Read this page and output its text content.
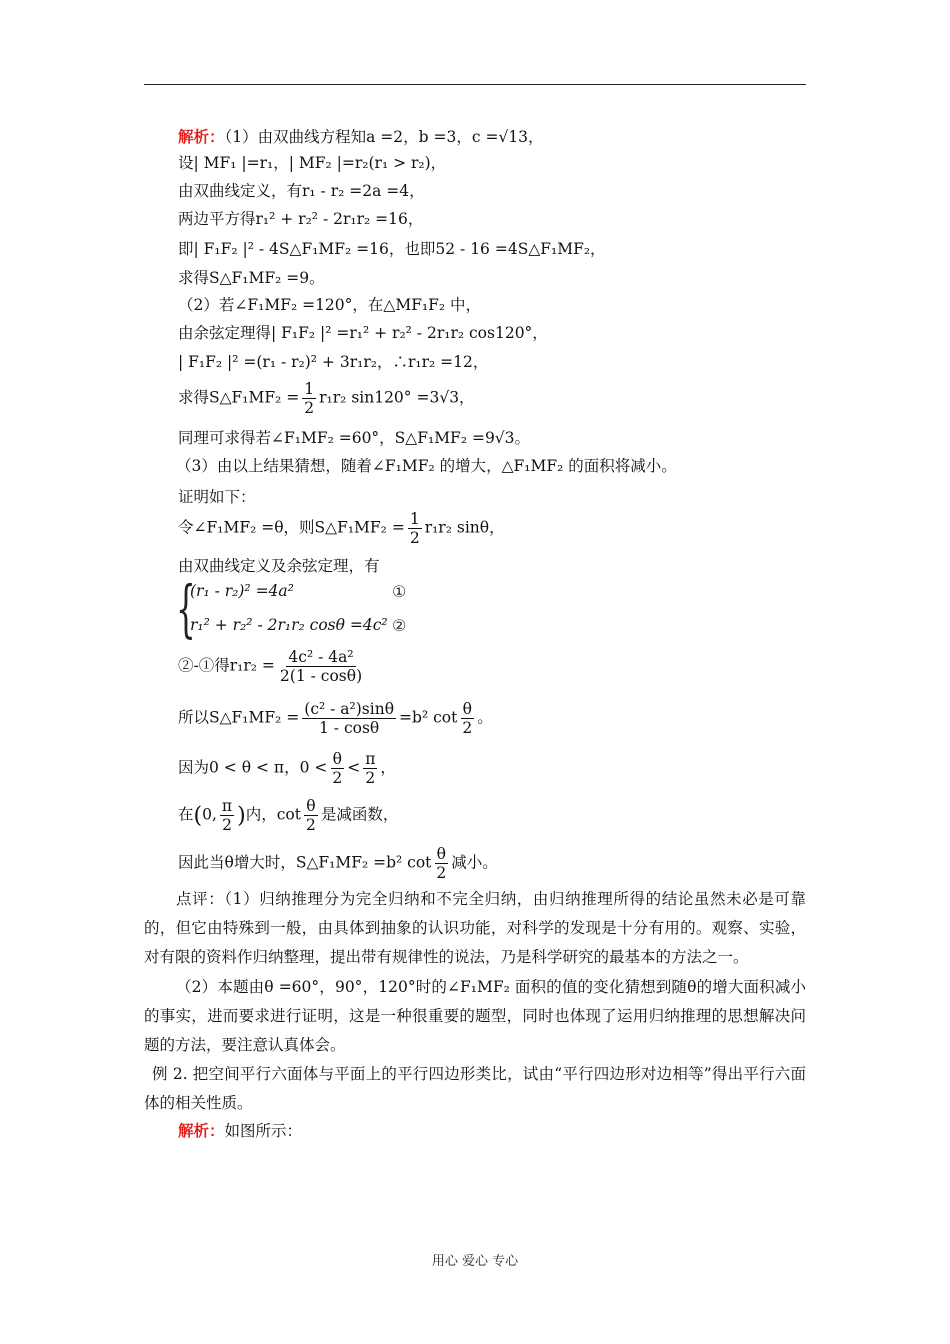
解析：（1）由双曲线方程知a =2，b =3，c =√13，
设| MF₁ |=r₁，| MF₂ |=r₂(r₁ > r₂)，
由双曲线定义，有r₁ - r₂ =2a =4，
两边平方得r₁² + r₂² - 2r₁r₂ =16，
即| F₁F₂ |² - 4S△F₁MF₂ =16，也即52 - 16 =4S△F₁MF₂，
求得S△F₁MF₂ =9。
（2）若∠F₁MF₂ =120°，在△MF₁F₂ 中，
由余弦定理得| F₁F₂ |² =r₁² + r₂² - 2r₁r₂ cos120°，
| F₁F₂ |² =(r₁ - r₂)² + 3r₁r₂，∴r₁r₂ =12，
求得S△F₁MF₂ = $\frac{1}{2} r_1r_2$ sin120° =3√3，
同理可求得若∠F₁MF₂ =60°，S△F₁MF₂ =9√3。
（3）由以上结果猜想，随着∠F₁MF₂ 的增大，△F₁MF₂ 的面积将减小。
证明如下：
令∠F₁MF₂ =θ，则S△F₁MF₂ = $\frac{1}{2} r_1r_2$ sinθ，
由双曲线定义及余弦定理，有
{
(r₁ - r₂)² =4a²	①
r₁² + r₂² - 2r₁r₂ cosθ =4c² ②
②-①得$r_1r_2 = \frac{\text{4c² - 4a²}}{2(1 - \cos\theta)}$
所以S△F₁MF₂ = $\frac{\text{(c² - a²)sinθ}}{1 - \cos\theta} =b^2$ $\cot \frac{\theta}{2}$ 。
因为0 < θ < π，$0 < \frac{\theta}{2} < \frac{\pi}{2}$ ，
在(0, $\frac{\pi}{2}$ )内，$\cot \frac{\theta}{2}$ 是减函数，
因此当θ增大时，S△F₁MF₂ =b² $\cot \frac{\theta}{2}$ 减小。
点评：（1）归纳推理分为完全归纳和不完全归纳，由归纳推理所得的结论虽然未必是可靠的，但它由特殊到一般，由具体到抽象的认识功能，对科学的发现是十分有用的。观察、实验，对有限的资料作归纳整理，提出带有规律性的说法，乃是科学研究的最基本的方法之一。
（2）本题由θ =60°，90°，120°时的∠F₁MF₂ 面积的值的变化猜想到随θ的增大面积减小的事实，进而要求进行证明，这是一种很重要的题型，同时也体现了运用归纳推理的思想解决问题的方法，要注意认真体会。
例 2. 把空间平行六面体与平面上的平行四边形类比，试由“平行四边形对边相等”得出平行六面体的相关性质。
解析：如图所示：
用心 爱心 专心
